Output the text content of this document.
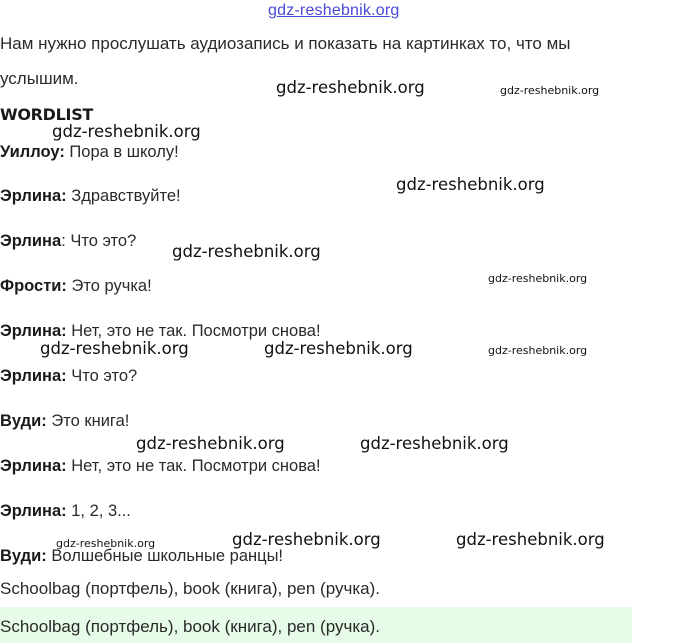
gdz-reshebnik.org
Нам нужно прослушать аудиозапись и показать на картинках то, что мы
услышим.
WORDLIST
Уиллоу: Пора в школу!
Эрлина: Здравствуйте!
Эрлина: Что это?
Фрости: Это ручка!
Эрлина: Нет, это не так. Посмотри снова!
Эрлина: Что это?
Вуди: Это книга!
Эрлина: Нет, это не так. Посмотри снова!
Эрлина: 1, 2, 3...
Вуди: Волшебные школьные ранцы!
Schoolbag (портфель), book (книга), pen (ручка).
Schoolbag (портфель), book (книга), pen (ручка).
gdz-reshebnik.org	gdz-reshebnik.org
gdz-reshebnik.org
gdz-reshebnik.org
gdz-reshebnik.org
gdz-reshebnik.org
gdz-reshebnik.org	gdz-reshebnik.org	gdz-reshebnik.org
gdz-reshebnik.org	gdz-reshebnik.org
gdz-reshebnik.org	gdz-reshebnik.org	gdz-reshebnik.org
